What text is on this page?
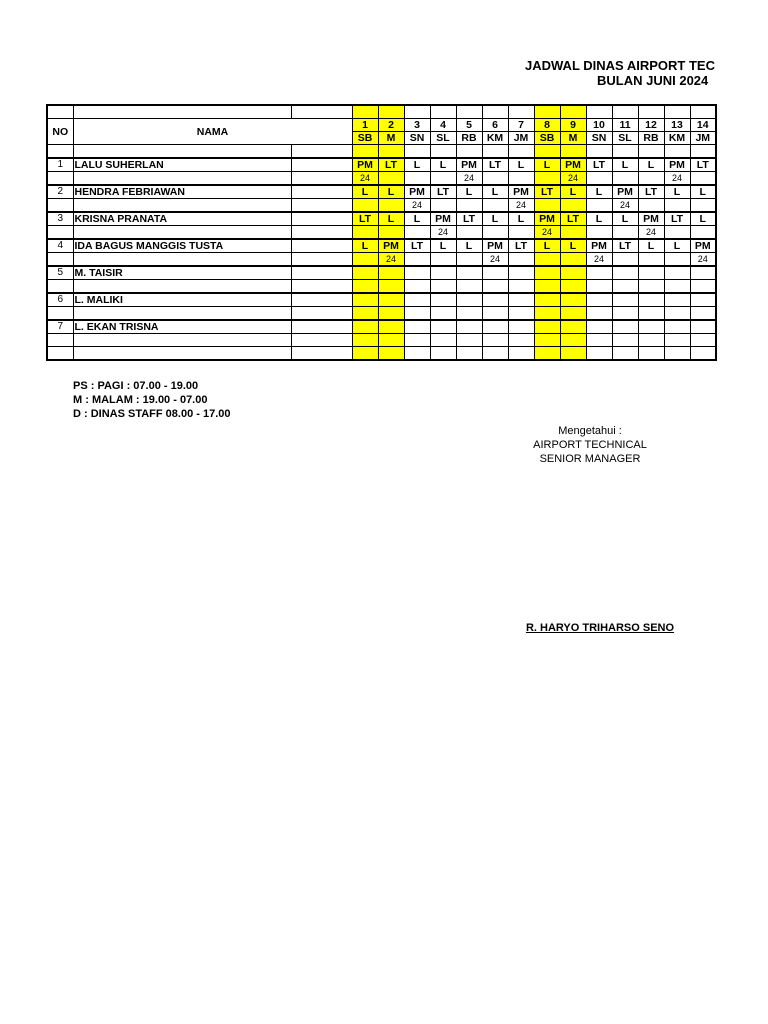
JADWAL DINAS AIRPORT TEC
BULAN JUNI 2024

NO	NAMA		1	2	3	4	5	6	7	8	9	10	11	12	13	14
			SB	M	SN	SL	RB	KM	JM	SB	M	SN	SL	RB	KM	JM

1	LALU SUHERLAN		PM	LT	L	L	PM	LT	L	L	PM	LT	L	L	PM	LT
			24				24				24				24	
2	HENDRA FEBRIAWAN		L	L	PM	LT	L	L	PM	LT	L	L	PM	LT	L	L
					24				24				24			
3	KRISNA PRANATA		LT	L	L	PM	LT	L	L	PM	LT	L	L	PM	LT	L
						24				24				24		
4	IDA BAGUS MANGGIS TUSTA		L	PM	LT	L	L	PM	LT	L	L	PM	LT	L	L	PM
				24				24				24				24
5	M. TAISIR															

6	L. MALIKI															

7	L. EKAN TRISNA															

PS : PAGI : 07.00 - 19.00
M : MALAM : 19.00 - 07.00
D : DINAS STAFF 08.00 - 17.00
Mengetahui :
AIRPORT TECHNICAL
SENIOR MANAGER
R. HARYO TRIHARSO SENO
